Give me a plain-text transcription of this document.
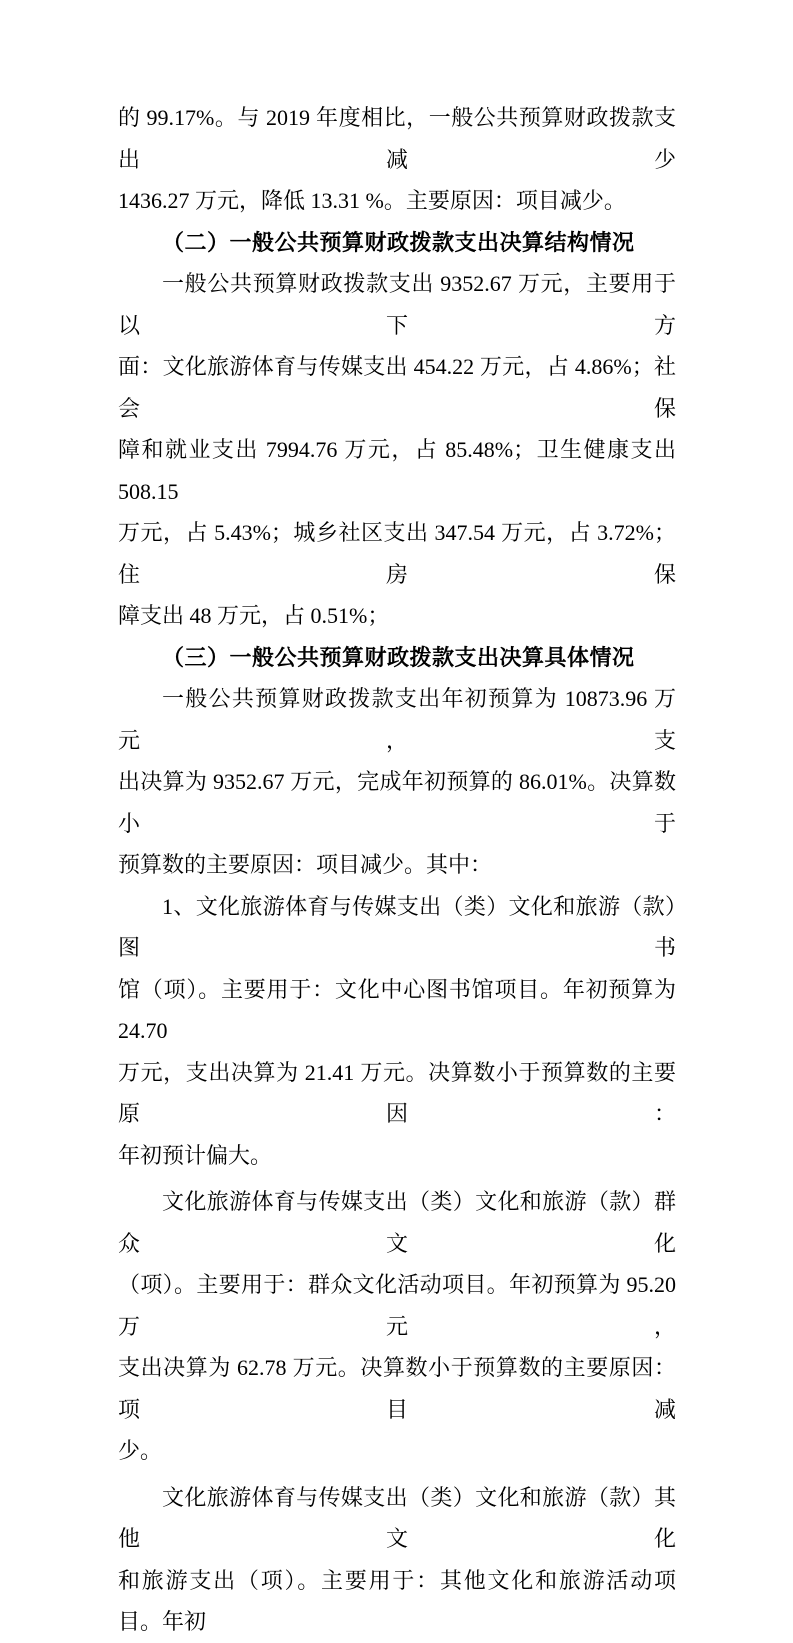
的 99.17%。与 2019 年度相比，一般公共预算财政拨款支出减少
1436.27 万元，降低 13.31 %。主要原因：项目减少。
（二）一般公共预算财政拨款支出决算结构情况
一般公共预算财政拨款支出 9352.67 万元，主要用于以下方
面：文化旅游体育与传媒支出 454.22 万元，占 4.86%；社会保
障和就业支出 7994.76 万元，占 85.48%；卫生健康支出 508.15
万元，占 5.43%；城乡社区支出 347.54 万元，占 3.72%；住房保
障支出 48 万元，占 0.51%；
（三）一般公共预算财政拨款支出决算具体情况
一般公共预算财政拨款支出年初预算为 10873.96 万元，支
出决算为 9352.67 万元，完成年初预算的 86.01%。决算数小于
预算数的主要原因：项目减少。其中：
1、文化旅游体育与传媒支出（类）文化和旅游（款）图书
馆（项）。主要用于：文化中心图书馆项目。年初预算为 24.70
万元，支出决算为 21.41 万元。决算数小于预算数的主要原因：
年初预计偏大。
文化旅游体育与传媒支出（类）文化和旅游（款）群众文化
（项）。主要用于：群众文化活动项目。年初预算为 95.20 万元，
支出决算为 62.78 万元。决算数小于预算数的主要原因：项目减
少。
文化旅游体育与传媒支出（类）文化和旅游（款）其他文化
和旅游支出（项）。主要用于：其他文化和旅游活动项目。年初
